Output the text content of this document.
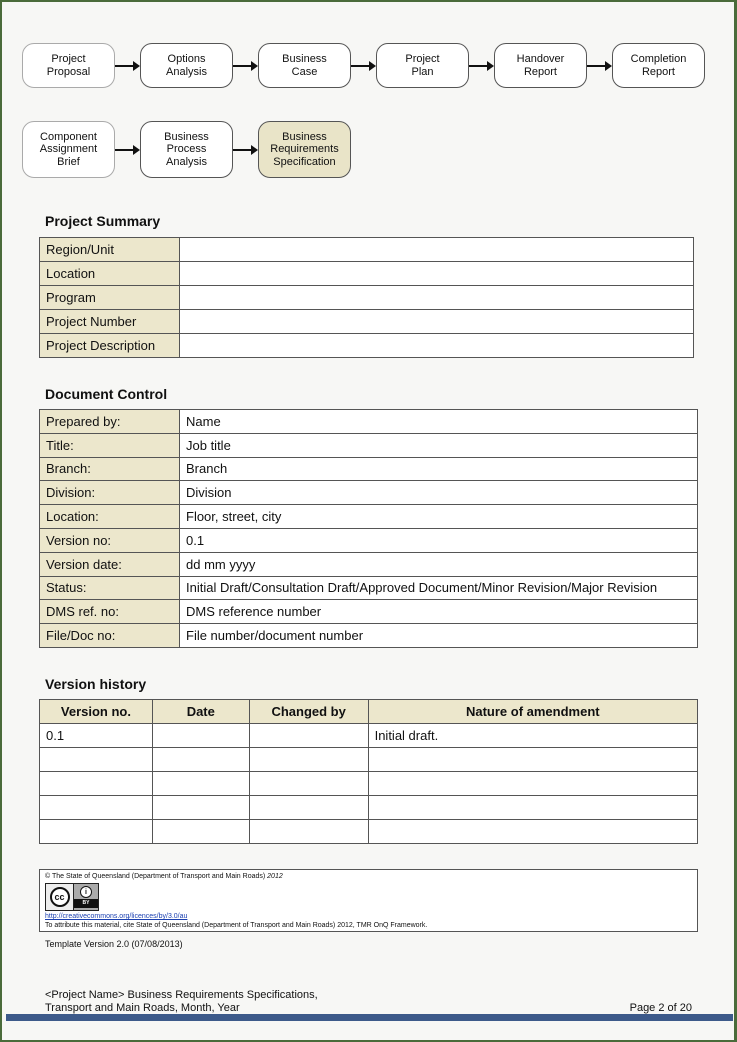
Project
Proposal
Options
Analysis
Business
Case
Project
Plan
Handover
Report
Completion
Report
Component
Assignment
Brief
Business
Process
Analysis
Business
Requirements
Specification
Project Summary
Region/Unit	
Location	
Program	
Project Number	
Project Description	
Document Control
Prepared by:	Name
Title:	Job title
Branch:	Branch
Division:	Division
Location:	Floor, street, city
Version no:	0.1
Version date:	dd mm yyyy
Status:	Initial Draft/Consultation Draft/Approved Document/Minor Revision/Major Revision
DMS ref. no:	DMS reference number
File/Doc no:	File number/document number
Version history
Version no.	Date	Changed by	Nature of amendment
0.1			Initial draft.

© The State of Queensland (Department of Transport and Main Roads) 2012
cc	i
BY
http://creativecommons.org/licences/by/3.0/au
To attribute this material, cite State of Queensland (Department of Transport and Main Roads) 2012, TMR OnQ Framework.
Template Version 2.0 (07/08/2013)
<Project Name> Business Requirements Specifications,
Transport and Main Roads, Month, Year	Page 2 of 20
